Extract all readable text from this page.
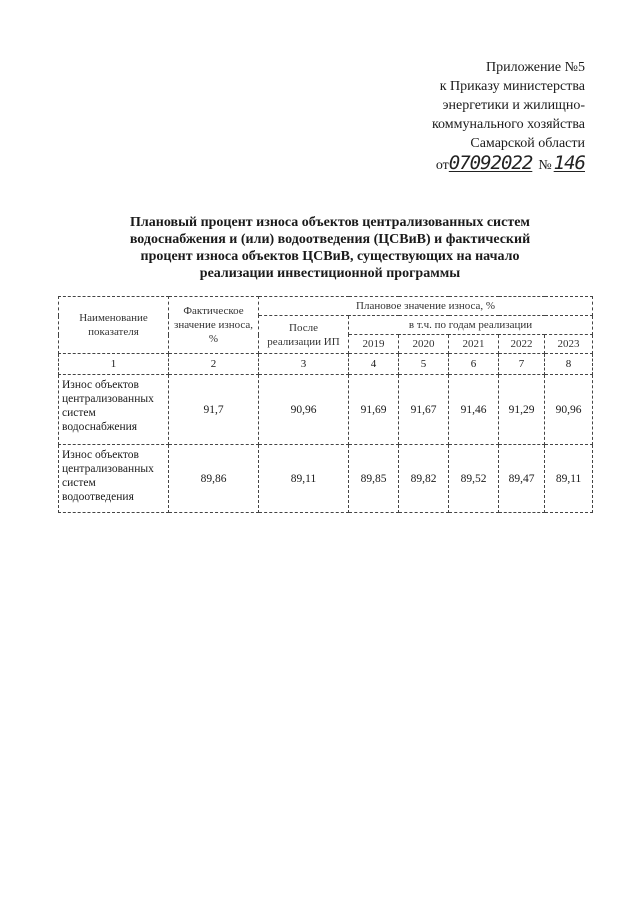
Приложение №5
к Приказу министерства
энергетики и жилищно-
коммунального хозяйства
Самарской области
от07092022 № 146
Плановый процент износа объектов централизованных систем
водоснабжения и (или) водоотведения (ЦСВиВ) и фактический
процент износа объектов ЦСВиВ, существующих на начало
реализации инвестиционной программы
Наименование показателя	Фактическое значение износа, %	Плановое значение износа, %					
		После реализации ИП	в т.ч. по годам реализации				
			2019	2020	2021	2022	2023
1	2	3	4	5	6	7	8
Износ объектов централизованных систем водоснабжения	91,7	90,96	91,69	91,67	91,46	91,29	90,96
Износ объектов централизованных систем водоотведения	89,86	89,11	89,85	89,82	89,52	89,47	89,11
